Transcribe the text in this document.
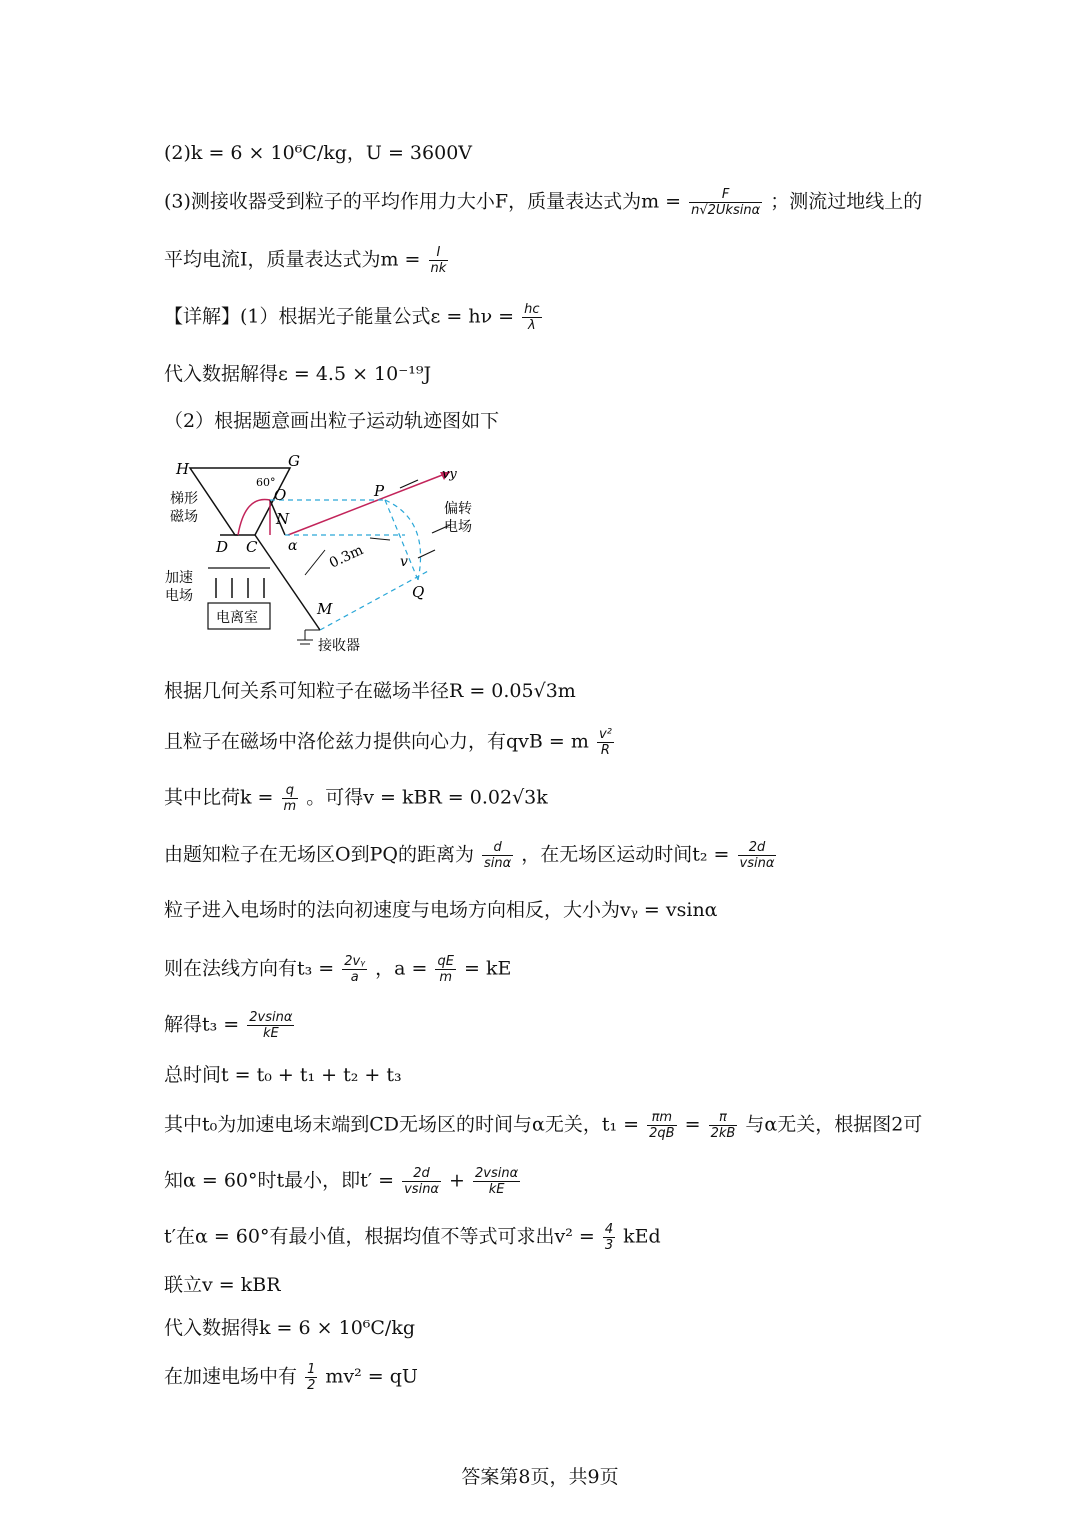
(2)k = 6 × 10⁶C/kg，U = 3600V
(3)测接收器受到粒子的平均作用力大小F，质量表达式为$m = \frac{F}{n√2Uksin\alpha}$ ；测流过地线上的
平均电流I，质量表达式为$m = \frac{I}{nk}$
【详解】(1）根据光子能量公式$\varepsilon = h\nu = \frac{hc}{\lambda}$
代入数据解得ε = 4.5 × 10⁻¹⁹J
（2）根据题意画出粒子运动轨迹图如下
H	G
60°
O
N
α
D C
P
Q
M
vy
v
0.3m
梯形
磁场	偏转
电场
加速
电场
电离室
接收器
根据几何关系可知粒子在磁场半径R = 0.05√3m
且粒子在磁场中洛伦兹力提供向心力，有qvB = m $\frac{\text{v²}}{R}$
其中比荷$k = \frac{q}{m}$ 。可得v = kBR = 0.02√3k
由题知粒子在无场区O到PQ的距离为 $\frac{d}{\sin\alpha}$ ，在无场区运动时间$t_2 = \frac{2d}{vsin\alpha}$
粒子进入电场时的法向初速度与电场方向相反，大小为vᵧ = vsinα
则在法线方向有$t_3 = \frac{\text{2vᵧ}}{a}$ ，$a = \frac{qE}{m}$ = kE
解得$t_3 = \frac{2vsin\alpha}{kE}$
总时间t = t₀ + t₁ + t₂ + t₃
其中t₀为加速电场末端到CD无场区的时间与α无关，$t_1 = \frac{\pi m}{2qB} = \frac{\pi}{2kB}$ 与α无关，根据图2可
知α = 60°时t最小，即$t' = \frac{2d}{vsin\alpha} + \frac{2vsin\alpha}{kE}$
t′在α = 60°有最小值，根据均值不等式可求出$v^2 = \frac{4}{3}$ kEd
联立v = kBR
代入数据得k = 6 × 10⁶C/kg
在加速电场中有 $\frac{1}{2} mv^2$ = qU
答案第8页，共9页
